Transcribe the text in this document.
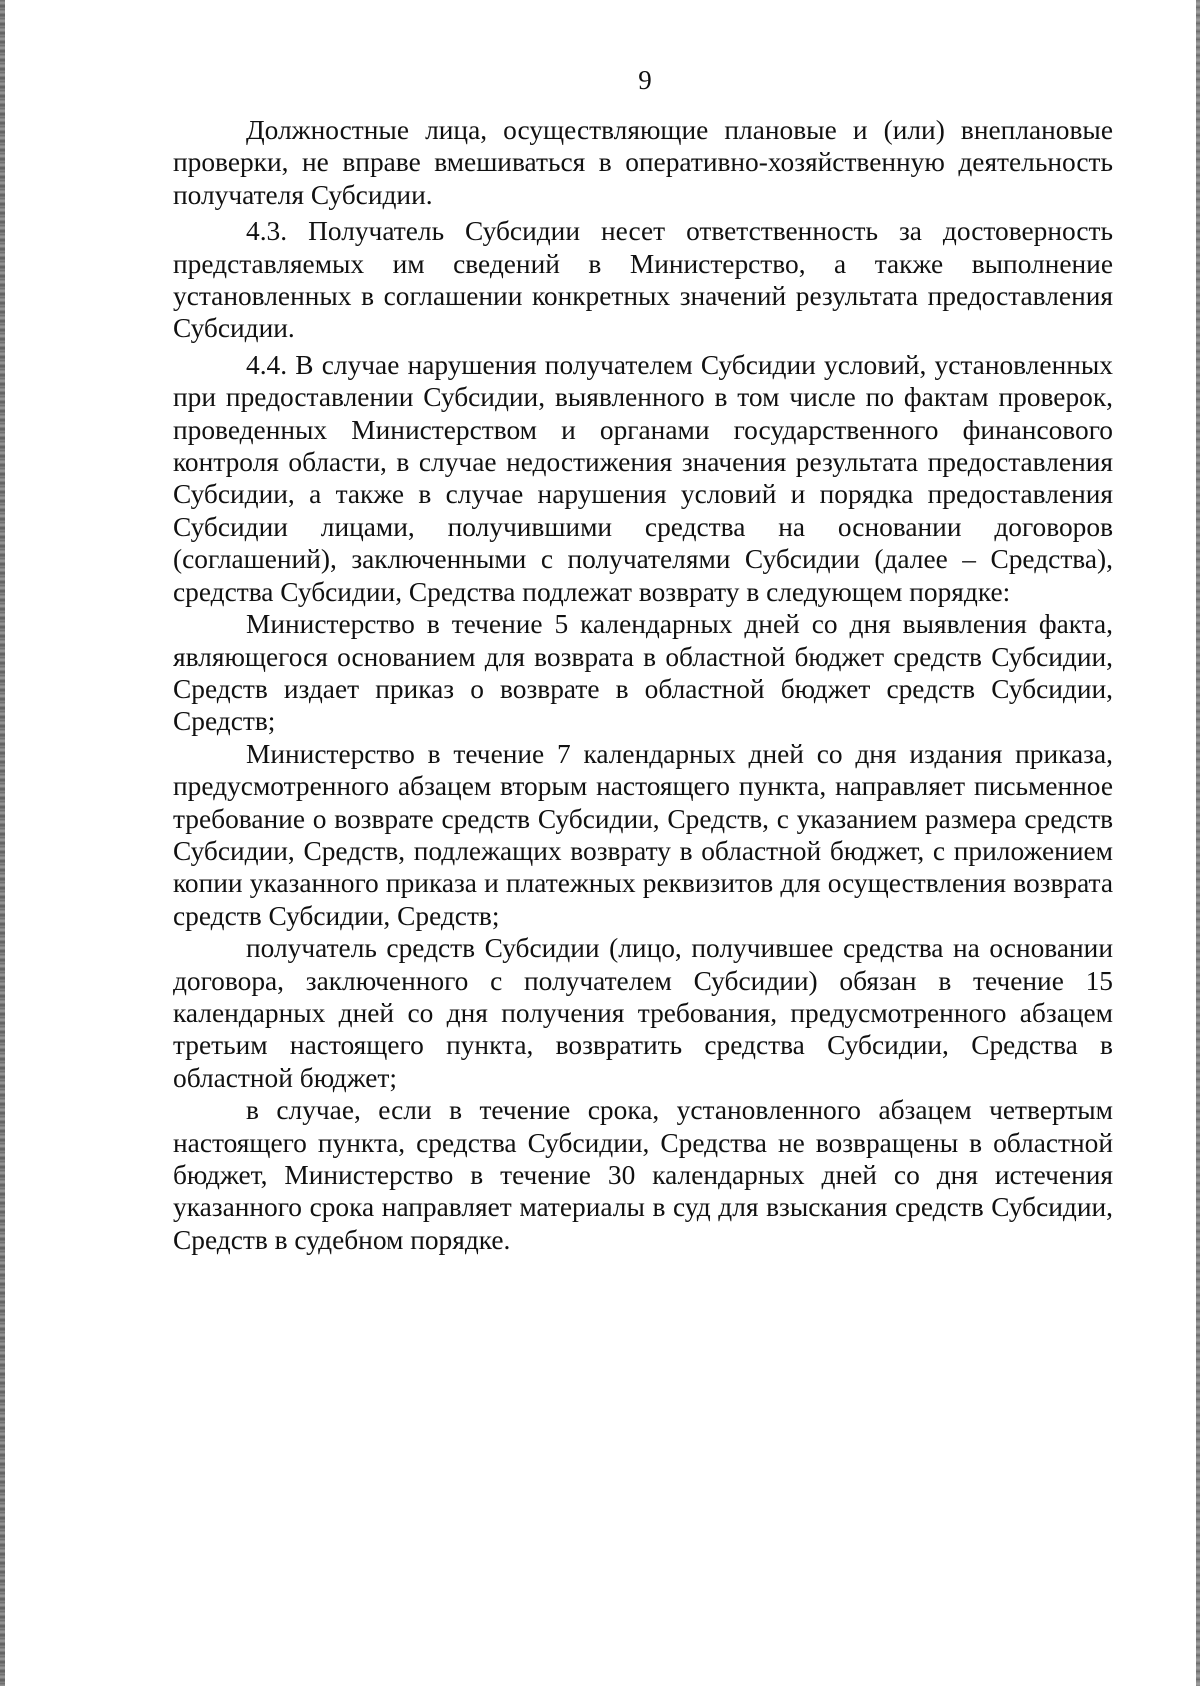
9

Должностные лица, осуществляющие плановые и (или) внеплановые проверки, не вправе вмешиваться в оперативно-хозяйственную деятельность получателя Субсидии.

4.3. Получатель Субсидии несет ответственность за достоверность представляемых им сведений в Министерство, а также выполнение установленных в соглашении конкретных значений результата предоставления Субсидии.

4.4. В случае нарушения получателем Субсидии условий, установленных при предоставлении Субсидии, выявленного в том числе по фактам проверок, проведенных Министерством и органами государственного финансового контроля области, в случае недостижения значения результата предоставления Субсидии, а также в случае нарушения условий и порядка предоставления Субсидии лицами, получившими средства на основании договоров (соглашений), заключенными с получателями Субсидии (далее – Средства), средства Субсидии, Средства подлежат возврату в следующем порядке:

Министерство в течение 5 календарных дней со дня выявления факта, являющегося основанием для возврата в областной бюджет средств Субсидии, Средств издает приказ о возврате в областной бюджет средств Субсидии, Средств;

Министерство в течение 7 календарных дней со дня издания приказа, предусмотренного абзацем вторым настоящего пункта, направляет письменное требование о возврате средств Субсидии, Средств, с указанием размера средств Субсидии, Средств, подлежащих возврату в областной бюджет, с приложением копии указанного приказа и платежных реквизитов для осуществления возврата средств Субсидии, Средств;

получатель средств Субсидии (лицо, получившее средства на основании договора, заключенного с получателем Субсидии) обязан в течение 15 календарных дней со дня получения требования, предусмотренного абзацем третьим настоящего пункта, возвратить средства Субсидии, Средства в областной бюджет;

в случае, если в течение срока, установленного абзацем четвертым настоящего пункта, средства Субсидии, Средства не возвращены в областной бюджет, Министерство в течение 30 календарных дней со дня истечения указанного срока направляет материалы в суд для взыскания средств Субсидии, Средств в судебном порядке.
